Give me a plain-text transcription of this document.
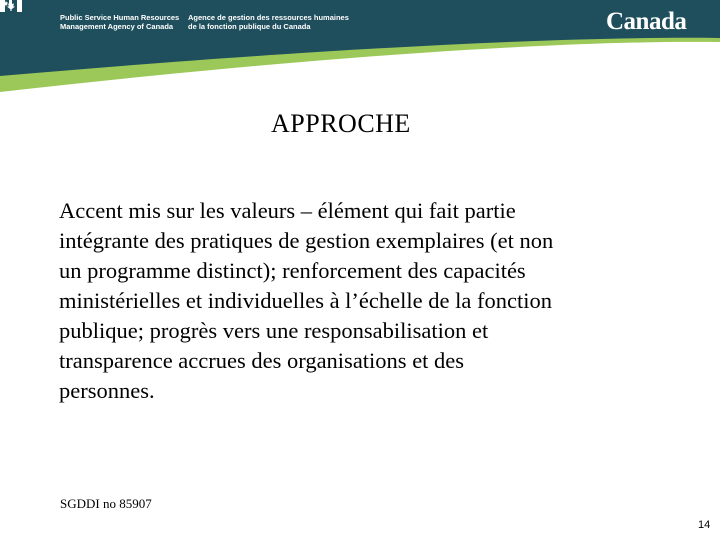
Public Service Human Resources
Management Agency of Canada
Agence de gestion des ressources humaines
de la fonction publique du Canada	Canada
APPROCHE
Accent mis sur les valeurs – élément qui fait partie
intégrante des pratiques de gestion exemplaires (et non
un programme distinct); renforcement des capacités
ministérielles et individuelles à l’échelle de la fonction
publique; progrès vers une responsabilisation et
transparence accrues des organisations et des
personnes.
SGDDI no 85907
14
